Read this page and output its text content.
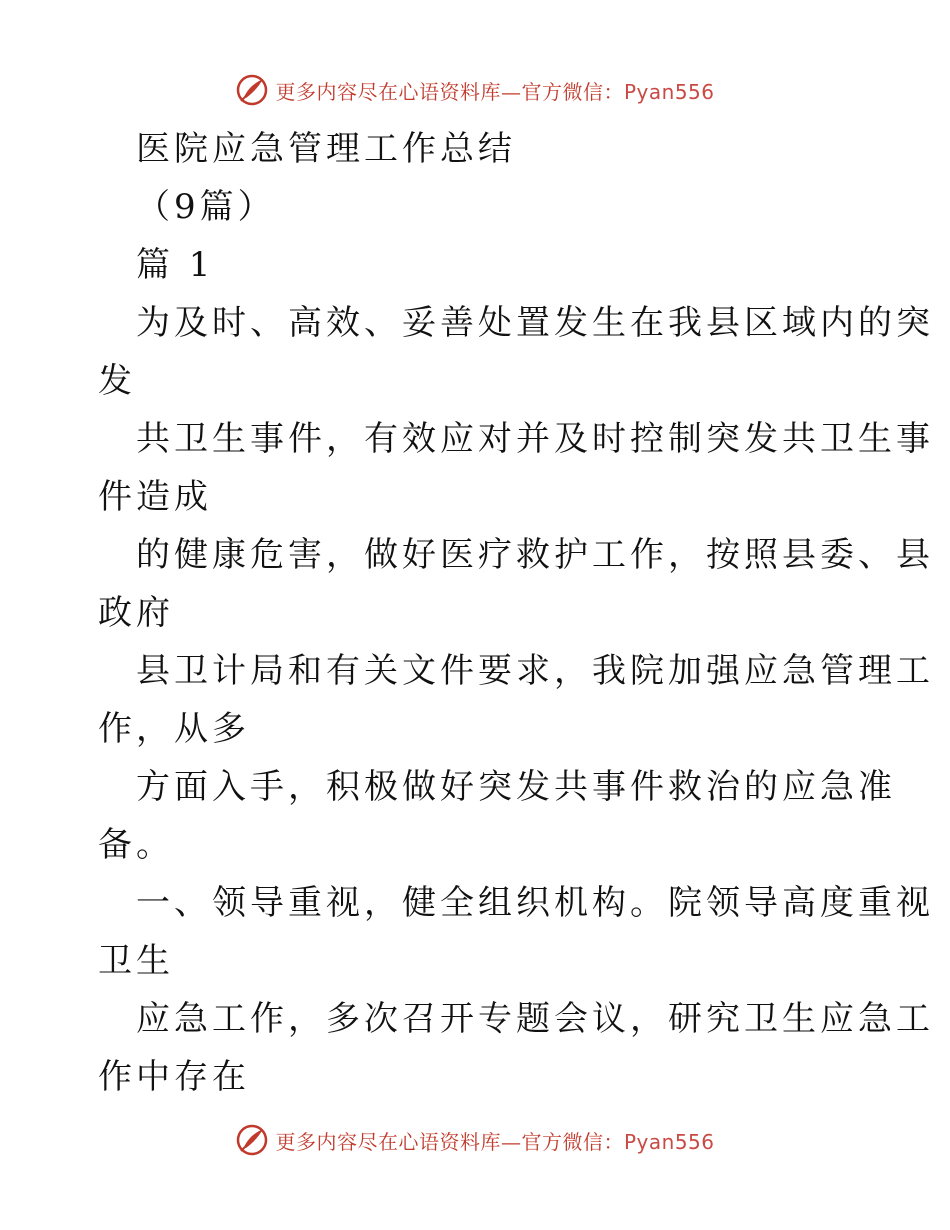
更多内容尽在心语资料库—官方微信：Pyan556
医院应急管理工作总结
（9篇）
篇 1
为及时、高效、妥善处置发生在我县区域内的突
发
共卫生事件，有效应对并及时控制突发共卫生事
件造成
的健康危害，做好医疗救护工作，按照县委、县
政府
县卫计局和有关文件要求，我院加强应急管理工
作，从多
方面入手，积极做好突发共事件救治的应急准
备。
一、领导重视，健全组织机构。院领导高度重视
卫生
应急工作，多次召开专题会议，研究卫生应急工
作中存在
更多内容尽在心语资料库—官方微信：Pyan556
